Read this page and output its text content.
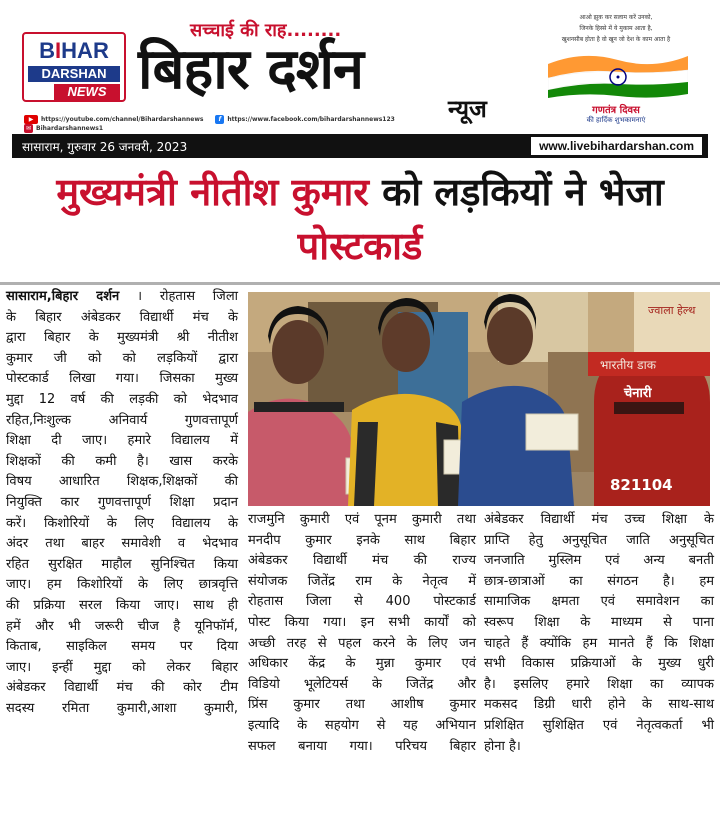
BIHAR
DARSHAN
NEWS
सच्चाई की राह........
बिहार दर्शन
न्यूज
▶ https://youtube.com/channel/Bihardarshannews	f https://www.facebook.com/bihardarshannews123 ✉ Bihardarshannews1
आओ झुक कर सलाम करें उनको,
जिनके हिस्से में ये मुकाम आता है,
खुशनसीब होता है वो खून जो देश के काम आता है
गणतंत्र दिवस
की हार्दिक शुभकामनाएं
सासाराम, गुरुवार 26 जनवरी, 2023	www.livebihardarshan.com
मुख्यमंत्री नीतीश कुमार को लड़कियों ने भेजा
पोस्टकार्ड
सासाराम,बिहार दर्शन । रोहतास जिला
के बिहार अंबेडकर विद्यार्थी मंच के
द्वारा बिहार के मुख्यमंत्री श्री नीतीश
कुमार जी को को लड़कियों द्वारा
पोस्टकार्ड लिखा गया। जिसका मुख्य
मुद्दा 12 वर्ष की लड़की को भेदभाव
रहित,निःशुल्क अनिवार्य गुणवत्तापूर्ण
शिक्षा दी जाए। हमारे विद्यालय में
शिक्षकों की कमी है। खास करके
विषय आधारित शिक्षक,शिक्षकों की
नियुक्ति कार गुणवत्तापूर्ण शिक्षा प्रदान
करें। किशोरियों के लिए विद्यालय के
अंदर तथा बाहर समावेशी व भेदभाव
रहित सुरक्षित माहौल सुनिश्चित किया
जाए। हम किशोरियों के लिए छात्रवृत्ति
की प्रक्रिया सरल किया जाए। साथ ही
हमें और भी जरूरी चीज है यूनिफॉर्म,
किताब, साइकिल समय पर दिया
जाए। इन्हीं मुद्दा को लेकर बिहार
अंबेडकर विद्यार्थी मंच की कोर टीम
सदस्य रमिता कुमारी,आशा कुमारी,
ज्वाला हेल्थ
भारतीय डाक
चेनारी
821104
राजमुनि कुमारी एवं पूनम कुमारी तथा
मनदीप कुमार इनके साथ बिहार
अंबेडकर विद्यार्थी मंच की राज्य
संयोजक जितेंद्र राम के नेतृत्व में
रोहतास जिला से 400 पोस्टकार्ड
पोस्ट किया गया। इन सभी कार्यों को
अच्छी तरह से पहल करने के लिए जन
अधिकार केंद्र के मुन्ना कुमार एवं
विडियो भूलेटियर्स के जितेंद्र और
प्रिंस कुमार तथा आशीष कुमार
इत्यादि के सहयोग से यह अभियान
सफल बनाया गया। परिचय बिहार
अंबेडकर विद्यार्थी मंच उच्च शिक्षा के
प्राप्ति हेतु अनुसूचित जाति अनुसूचित
जनजाति मुस्लिम एवं अन्य बनती
छात्र-छात्राओं का संगठन है। हम
सामाजिक क्षमता एवं समावेशन का
स्वरूप शिक्षा के माध्यम से पाना
चाहते हैं क्योंकि हम मानते हैं कि शिक्षा
सभी विकास प्रक्रियाओं के मुख्य धुरी
है। इसलिए हमारे शिक्षा का व्यापक
मकसद डिग्री धारी होने के साथ-साथ
प्रशिक्षित सुशिक्षित एवं नेतृत्वकर्ता भी
होना है।
